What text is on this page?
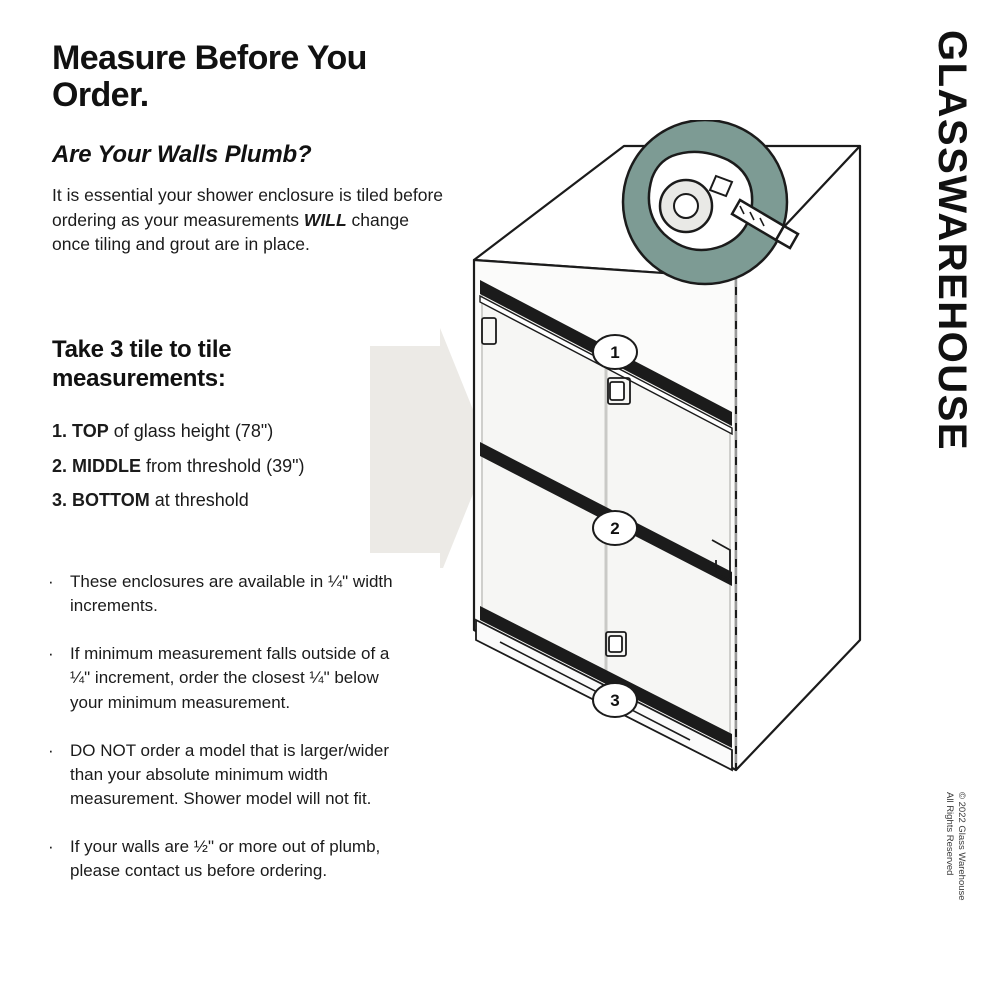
Measure Before You Order.
Are Your Walls Plumb?

It is essential your shower enclosure is tiled before ordering as your measurements WILL change once tiling and grout are in place.

Take 3 tile to tile measurements:
1. TOP of glass height (78")
2. MIDDLE from threshold (39")
3. BOTTOM at threshold
· These enclosures are available in ¼" width increments.
· If minimum measurement falls outside of a ¼" increment, order the closest ¼" below your minimum measurement.
· DO NOT order a model that is larger/wider than your absolute minimum width measurement. Shower model will not fit.
· If your walls are ½" or more out of plumb, please contact us before ordering.
GLASSWAREHOUSE
© 2022 Glass Warehouse
All Rights Reserved
1
2
3
